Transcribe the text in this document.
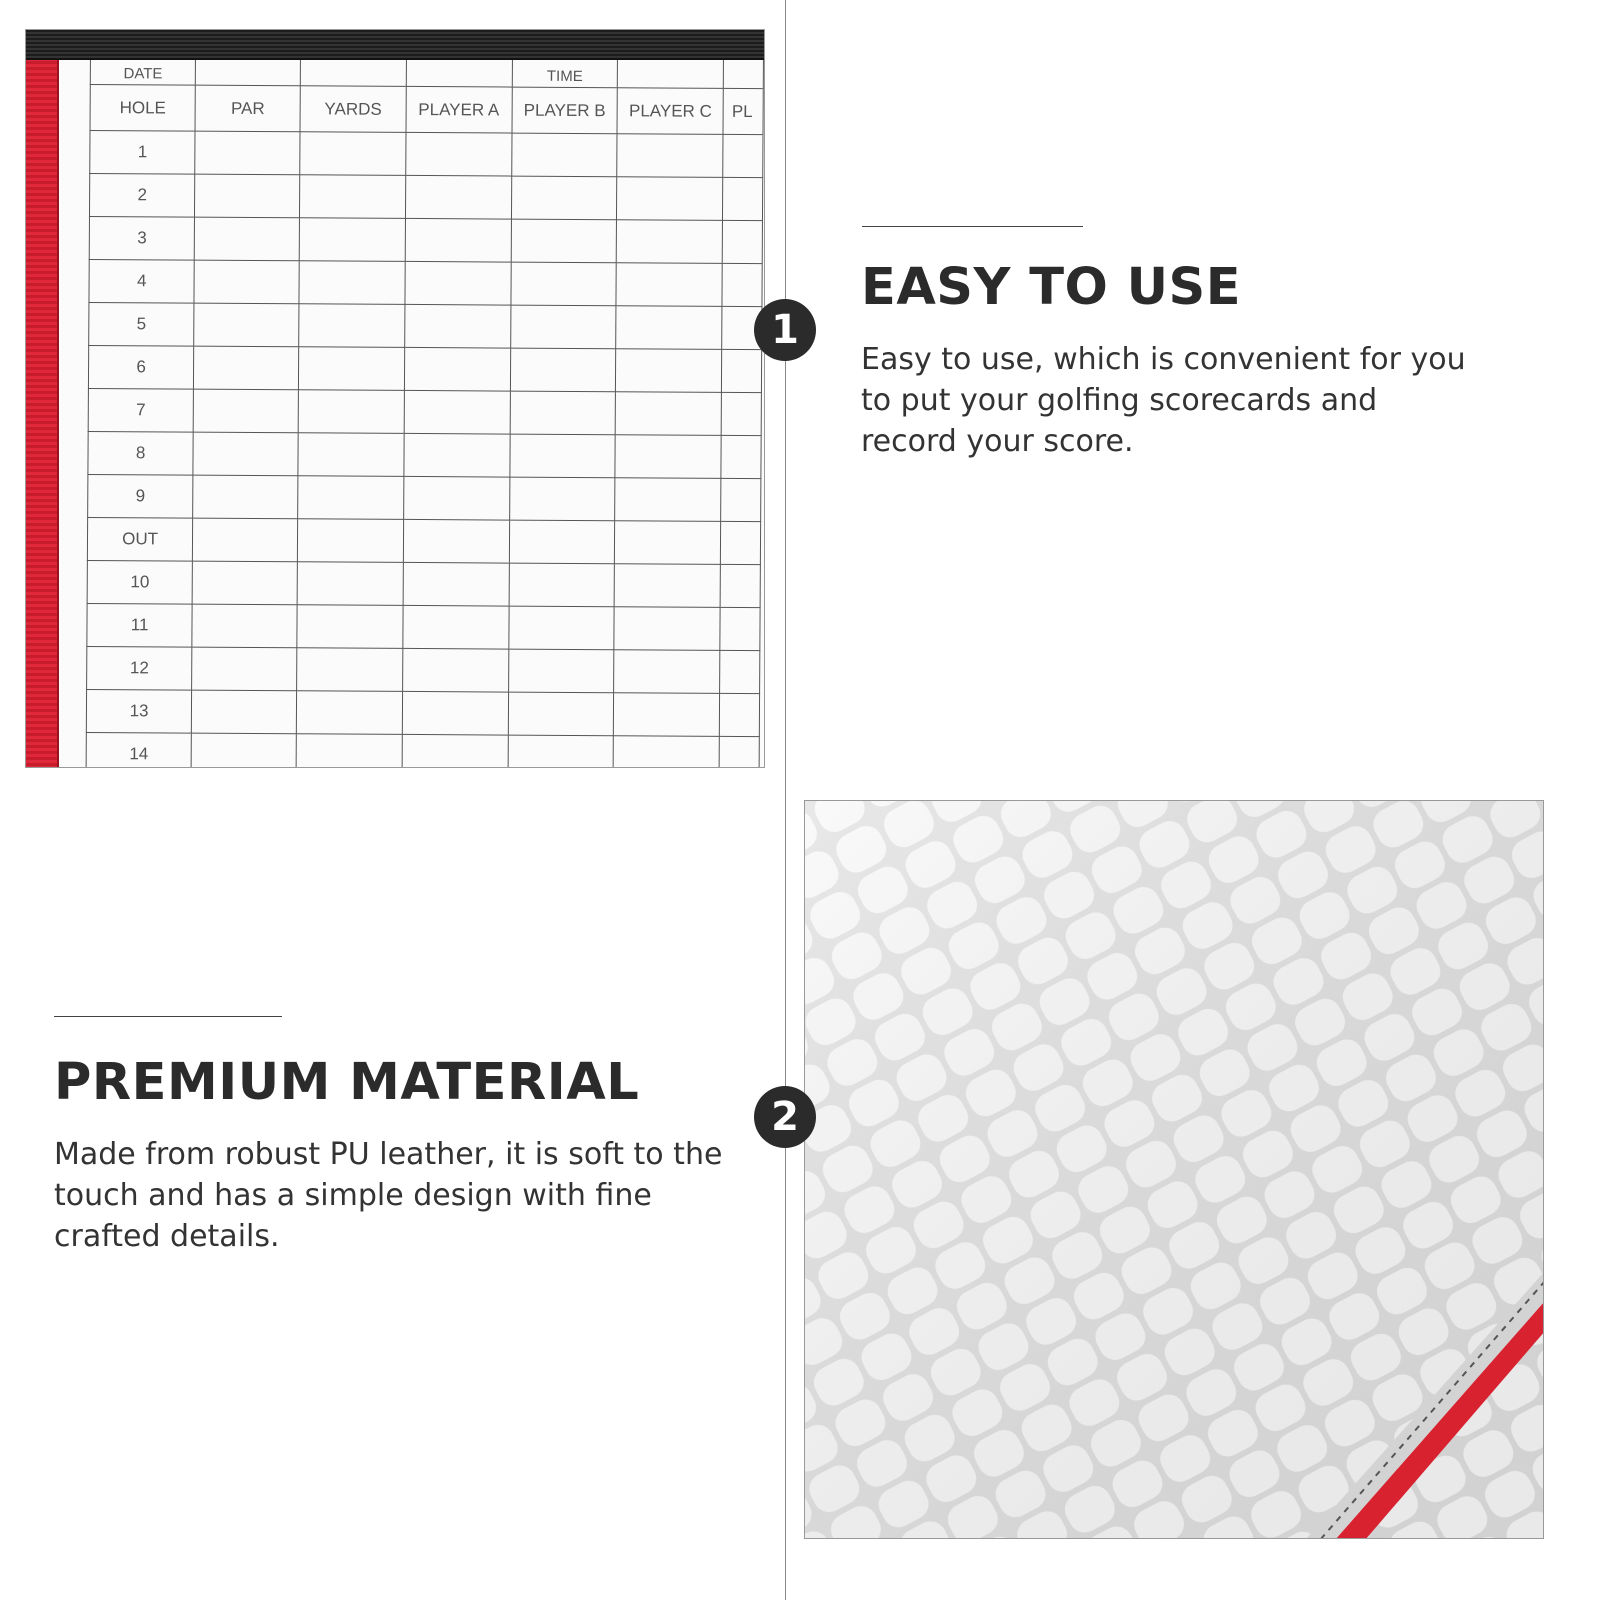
DATE				TIME		
HOLE	PAR	YARDS	PLAYER A	PLAYER B	PLAYER C	PL
1						
2						
3						
4						
5						
6						
7						
8						
9						
OUT						
10						
11						
12						
13						
14						
1
EASY TO USE
Easy to use, which is convenient for you to put your golfing scorecards and record your score.
PREMIUM MATERIAL
Made from robust PU leather, it is soft to the touch and has a simple design with fine crafted details.
2
